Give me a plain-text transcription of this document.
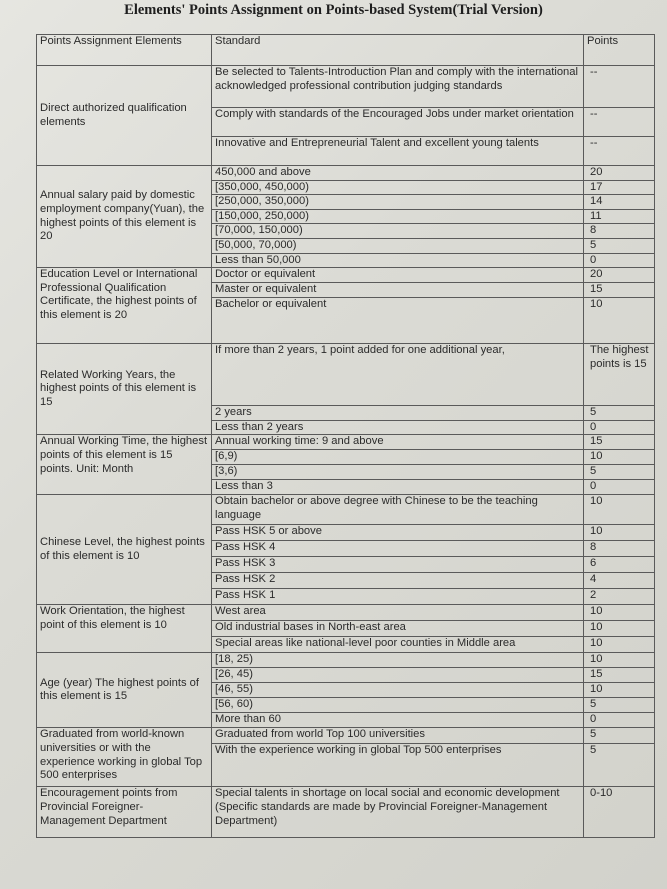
Elements' Points Assignment on Points-based System(Trial Version)
Points Assignment Elements	Standard	Points
Direct authorized qualification elements	Be selected to Talents-Introduction Plan and comply with the international acknowledged professional contribution judging standards	--
	Comply with standards of the Encouraged Jobs under market orientation	--
	Innovative and Entrepreneurial Talent and excellent young talents	--
Annual salary paid by domestic employment company(Yuan), the highest points of this element is 20	450,000 and above	20
	[350,000, 450,000)	17
	[250,000, 350,000)	14
	[150,000, 250,000)	11
	[70,000, 150,000)	8
	[50,000, 70,000)	5
	Less than 50,000	0
Education Level or International Professional Qualification Certificate, the highest points of this element is 20	Doctor or equivalent	20
	Master or equivalent	15
	Bachelor or equivalent	10
Related Working Years, the highest points of this element is 15	If more than 2 years, 1 point added for one additional year,	The highest points is 15
	2 years	5
	Less than 2 years	0
Annual Working Time, the highest points of this element is 15 points. Unit: Month	Annual working time: 9 and above	15
	[6,9)	10
	[3,6)	5
	Less than 3	0
Chinese Level, the highest points of this element is 10	Obtain bachelor or above degree with Chinese to be the teaching language	10
	Pass HSK 5 or above	10
	Pass HSK 4	8
	Pass HSK 3	6
	Pass HSK 2	4
	Pass HSK 1	2
Work Orientation, the highest point of this element is 10	West area	10
	Old industrial bases in North-east area	10
	Special areas like national-level poor counties in Middle area	10
Age (year) The highest points of this element is 15	[18, 25)	10
	[26, 45)	15
	[46, 55)	10
	[56, 60)	5
	More than 60	0
Graduated from world-known universities or with the experience working in global Top 500 enterprises	Graduated from world Top 100 universities	5
	With the experience working in global Top 500 enterprises	5
Encouragement points from Provincial Foreigner-Management Department	Special talents in shortage on local social and economic development (Specific standards are made by Provincial Foreigner-Management Department)	0-10
